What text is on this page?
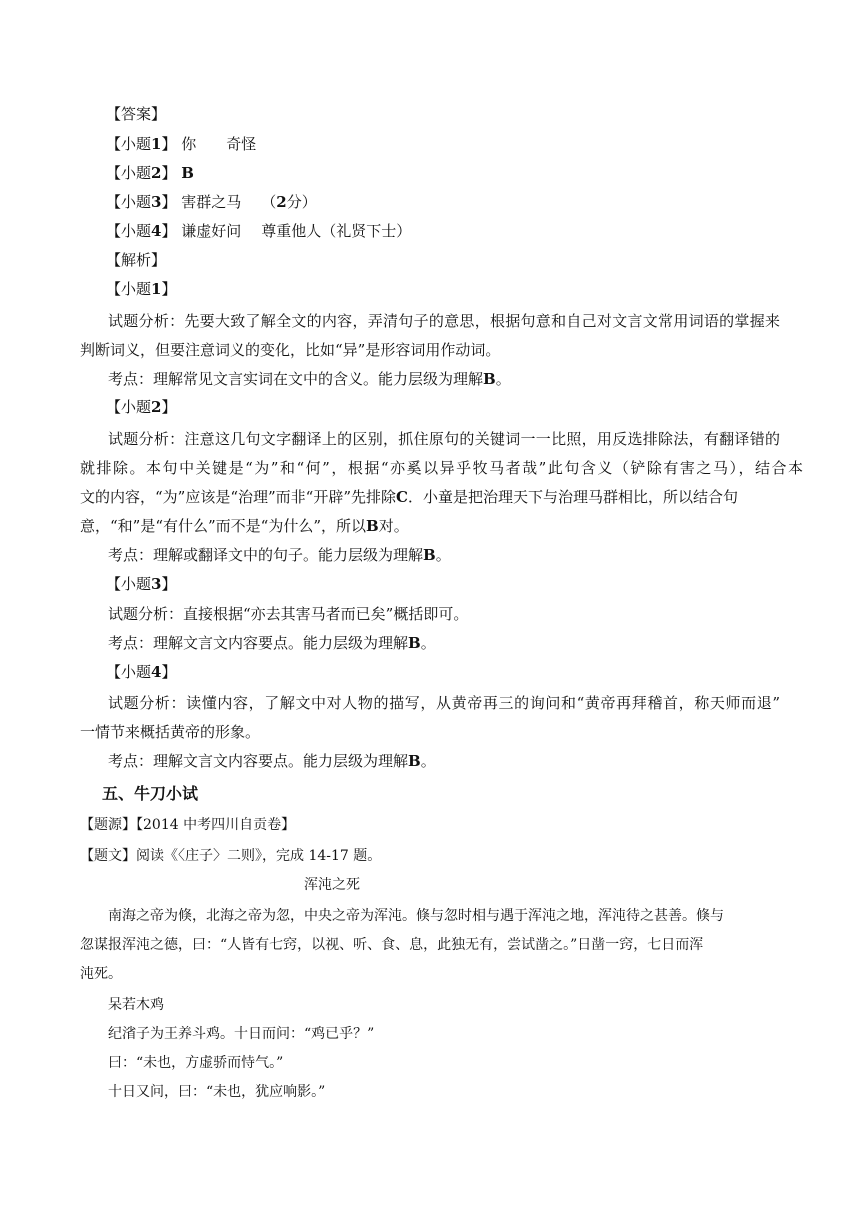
【答案】
【小题1】 你 奇怪
【小题2】 B
【小题3】 害群之马 （2分）
【小题4】 谦虚好问 尊重他人（礼贤下士）
【解析】
【小题1】
试题分析：先要大致了解全文的内容，弄清句子的意思，根据句意和自己对文言文常用词语的掌握来
判断词义，但要注意词义的变化，比如“异”是形容词用作动词。
考点：理解常见文言实词在文中的含义。能力层级为理解B。
【小题2】
试题分析：注意这几句文字翻译上的区别，抓住原句的关键词一一比照，用反选排除法，有翻译错的
就排除。本句中关键是“为”和“何”，根据“亦奚以异乎牧马者哉”此句含义（铲除有害之马），结合本
文的内容，“为”应该是“治理”而非“开辟”先排除C．小童是把治理天下与治理马群相比，所以结合句
意，“和”是“有什么”而不是“为什么”，所以B对。
考点：理解或翻译文中的句子。能力层级为理解B。
【小题3】
试题分析：直接根据“亦去其害马者而已矣”概括即可。
考点：理解文言文内容要点。能力层级为理解B。
【小题4】
试题分析：读懂内容，了解文中对人物的描写，从黄帝再三的询问和“黄帝再拜稽首，称天师而退”
一情节来概括黄帝的形象。
考点：理解文言文内容要点。能力层级为理解B。
五、牛刀小试
【题源】【2014 中考四川自贡卷】
【题文】阅读《〈庄子〉二则》，完成 14-17 题。
浑沌之死
南海之帝为倏，北海之帝为忽，中央之帝为浑沌。倏与忽时相与遇于浑沌之地，浑沌待之甚善。倏与
忽谋报浑沌之德，曰：“人皆有七窍，以视、听、食、息，此独无有，尝试凿之。”日凿一窍，七日而浑
沌死。
呆若木鸡
纪渻子为王养斗鸡。十日而问：“鸡已乎？”
曰：“未也，方虚骄而恃气。”
十日又问，曰：“未也，犹应响影。”
